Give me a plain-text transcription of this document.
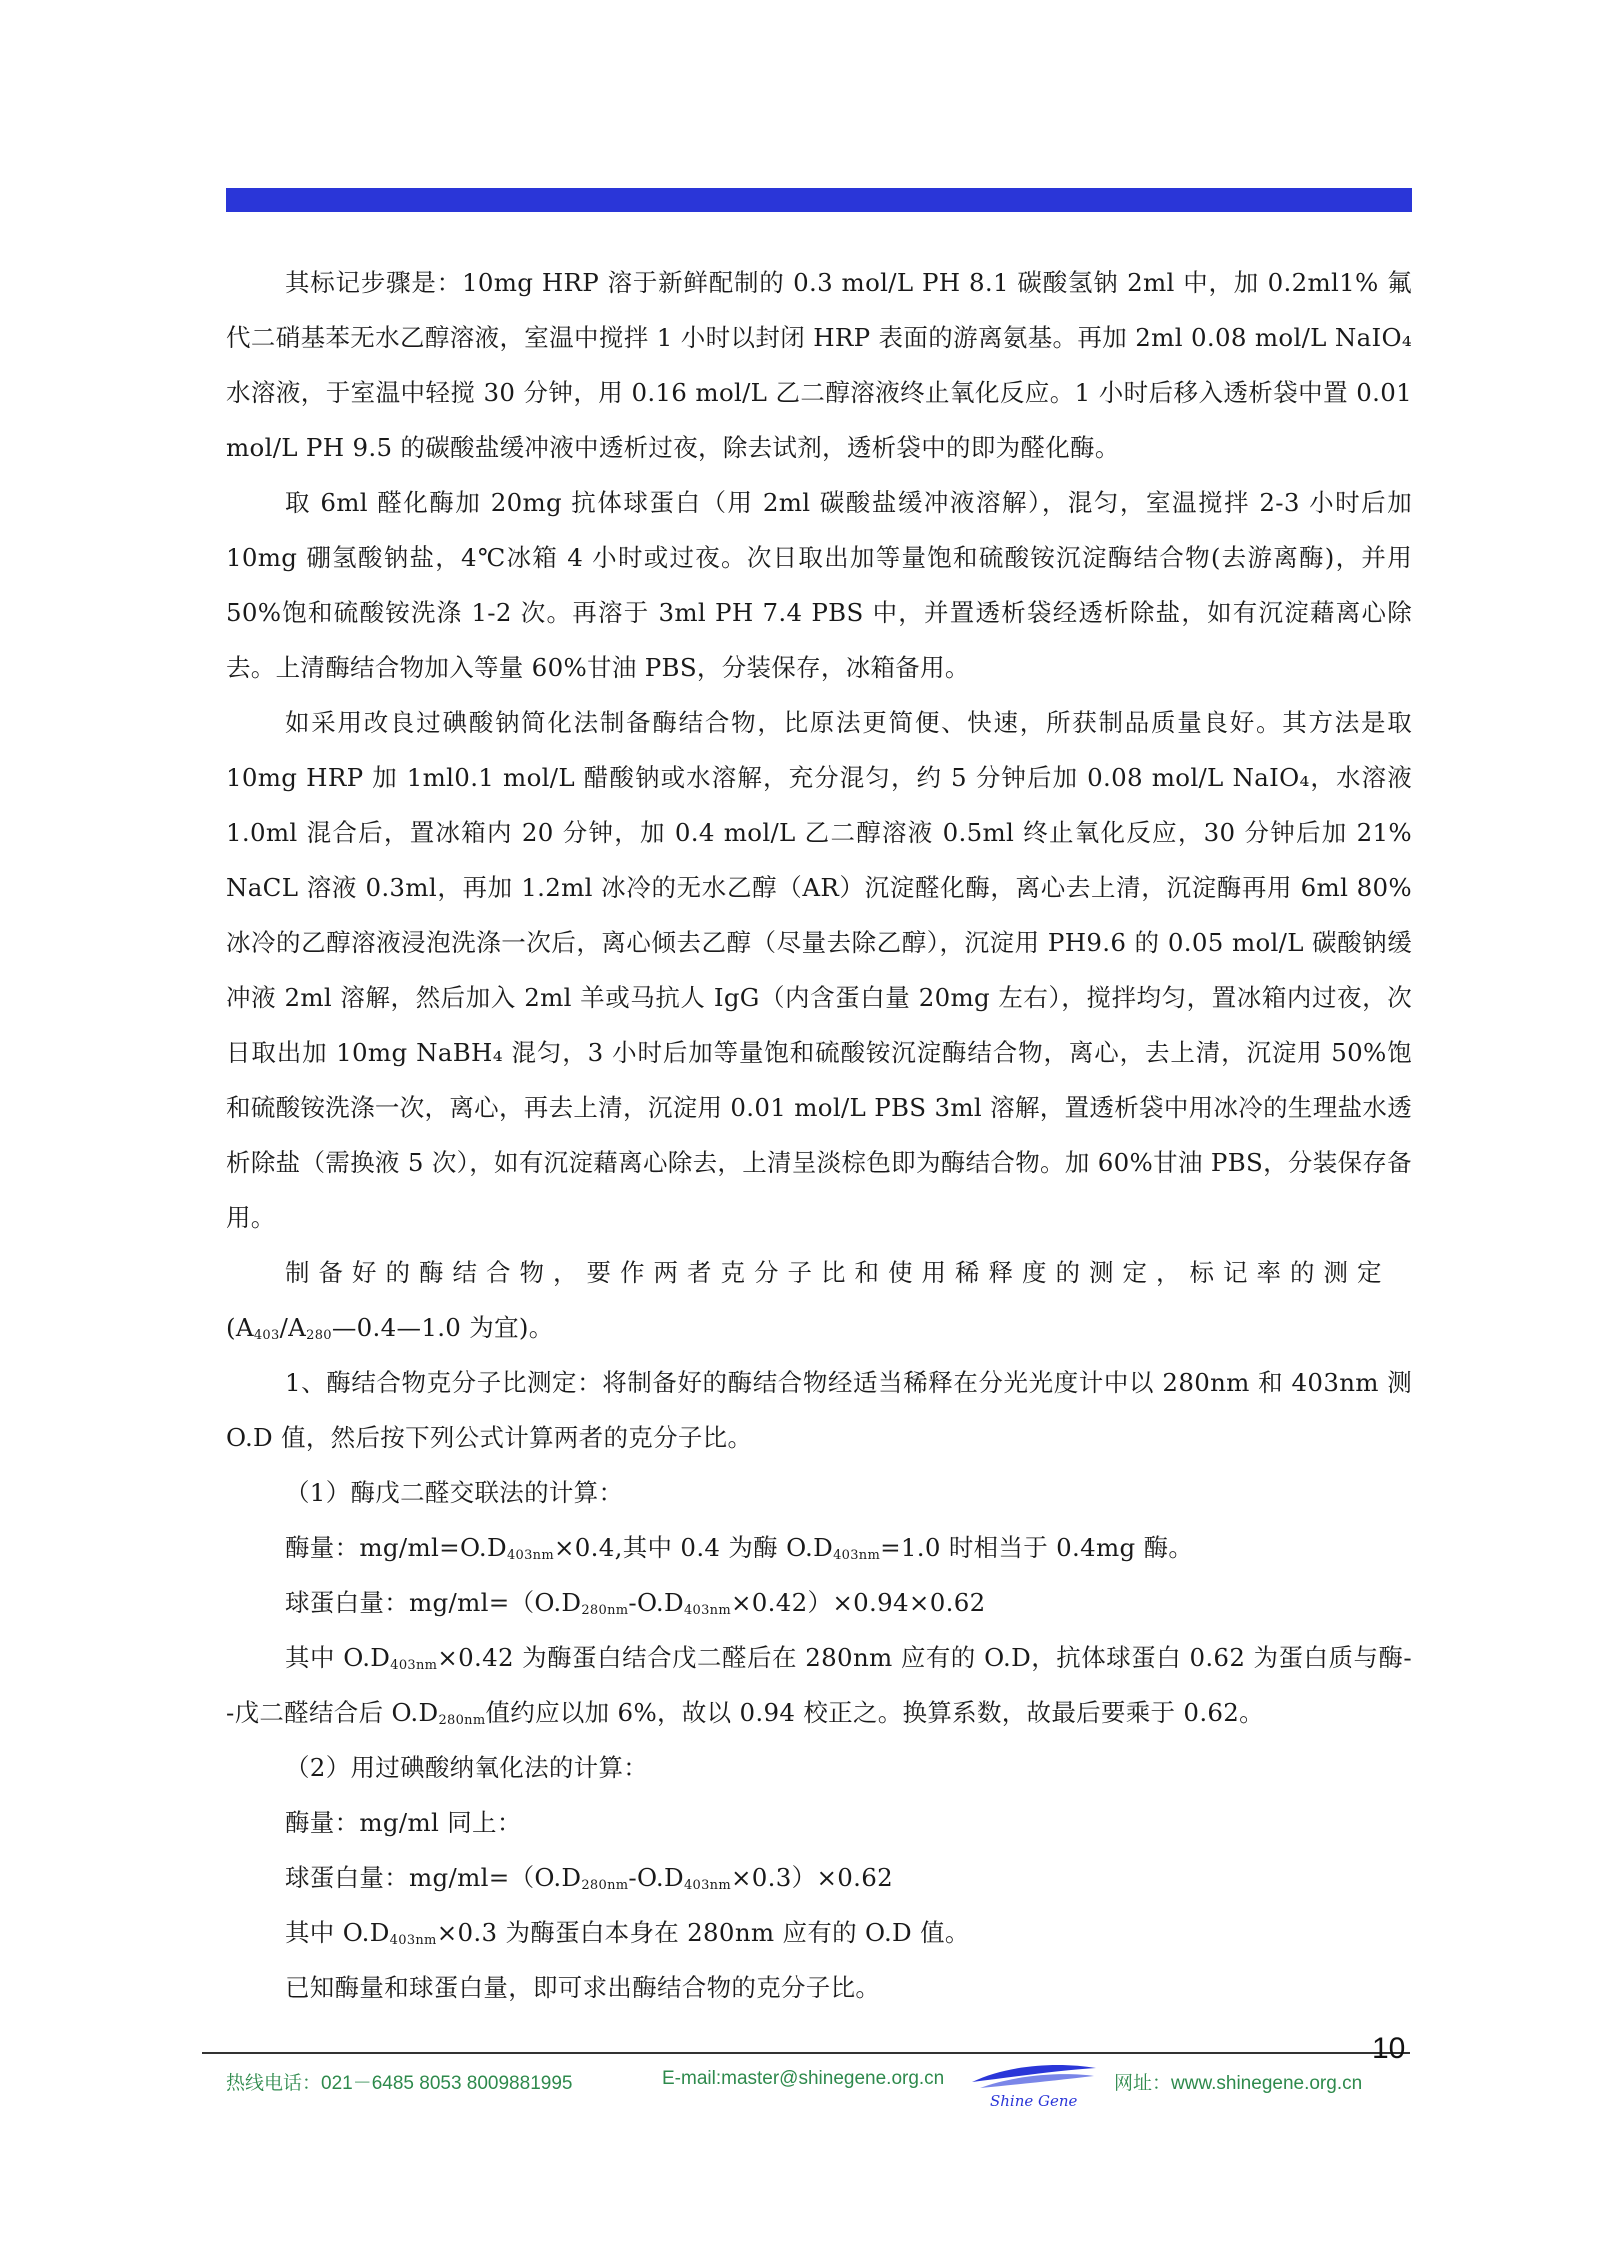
其标记步骤是：10mg HRP 溶于新鲜配制的 0.3 mol/L PH 8.1 碳酸氢钠 2ml 中，加 0.2ml1% 氟代二硝基苯无水乙醇溶液，室温中搅拌 1 小时以封闭 HRP 表面的游离氨基。再加 2ml 0.08 mol/L NaIO₄水溶液，于室温中轻搅 30 分钟，用 0.16 mol/L 乙二醇溶液终止氧化反应。1 小时后移入透析袋中置 0.01 mol/L PH 9.5 的碳酸盐缓冲液中透析过夜，除去试剂，透析袋中的即为醛化酶。

取 6ml 醛化酶加 20mg 抗体球蛋白（用 2ml 碳酸盐缓冲液溶解），混匀，室温搅拌 2-3 小时后加 10mg 硼氢酸钠盐，4℃冰箱 4 小时或过夜。次日取出加等量饱和硫酸铵沉淀酶结合物(去游离酶)，并用 50%饱和硫酸铵洗涤 1-2 次。再溶于 3ml PH 7.4 PBS 中，并置透析袋经透析除盐，如有沉淀藉离心除去。上清酶结合物加入等量 60%甘油 PBS，分装保存，冰箱备用。

如采用改良过碘酸钠简化法制备酶结合物，比原法更简便、快速，所获制品质量良好。其方法是取 10mg HRP 加 1ml0.1 mol/L 醋酸钠或水溶解，充分混匀，约 5 分钟后加 0.08 mol/L NaIO₄，水溶液 1.0ml 混合后，置冰箱内 20 分钟，加 0.4 mol/L 乙二醇溶液 0.5ml 终止氧化反应，30 分钟后加 21% NaCL 溶液 0.3ml，再加 1.2ml 冰冷的无水乙醇（AR）沉淀醛化酶，离心去上清，沉淀酶再用 6ml 80%冰冷的乙醇溶液浸泡洗涤一次后，离心倾去乙醇（尽量去除乙醇），沉淀用 PH9.6 的 0.05 mol/L 碳酸钠缓冲液 2ml 溶解，然后加入 2ml 羊或马抗人 IgG（内含蛋白量 20mg 左右），搅拌均匀，置冰箱内过夜，次日取出加 10mg NaBH₄ 混匀，3 小时后加等量饱和硫酸铵沉淀酶结合物，离心，去上清，沉淀用 50%饱和硫酸铵洗涤一次，离心，再去上清，沉淀用 0.01 mol/L PBS 3ml 溶解，置透析袋中用冰冷的生理盐水透析除盐（需换液 5 次），如有沉淀藉离心除去，上清呈淡棕色即为酶结合物。加 60%甘油 PBS，分装保存备用。

制备好的酶结合物，要作两者克分子比和使用稀释度的测定，标记率的测定
($A_{403}/A_{280}—0.4—1.0$ 为宜)。

1、酶结合物克分子比测定：将制备好的酶结合物经适当稀释在分光光度计中以 280nm 和 403nm 测 O.D 值，然后按下列公式计算两者的克分子比。

（1）酶戊二醛交联法的计算：

酶量：$mg/ml=O.D_{403nm}\times 0.4$,其中 0.4 为酶 $O.D_{403nm}=1.0$ 时相当于 0.4mg 酶。

球蛋白量：$mg/ml=(O.D_{280nm}-O.D_{403nm}\times 0.42)\times 0.94\times 0.62$

其中 $O.D_{403nm}\times 0.42$ 为酶蛋白结合戊二醛后在 280nm 应有的 O.D，抗体球蛋白 0.62 为蛋白质与酶--戊二醛结合后 $O.D_{280nm}$值约应以加 6%，故以 0.94 校正之。换算系数，故最后要乘于 0.62。

（2）用过碘酸纳氧化法的计算：

酶量：mg/ml 同上：

球蛋白量：$mg/ml=(O.D_{280nm}-O.D_{403nm}\times 0.3)\times 0.62$

其中 $O.D_{403nm}\times 0.3$ 为酶蛋白本身在 280nm 应有的 O.D 值。

已知酶量和球蛋白量，即可求出酶结合物的克分子比。

10
热线电话：021－6485 8053 8009881995	E-mail:master@shinegene.org.cn
Shine Gene
网址：www.shinegene.org.cn
